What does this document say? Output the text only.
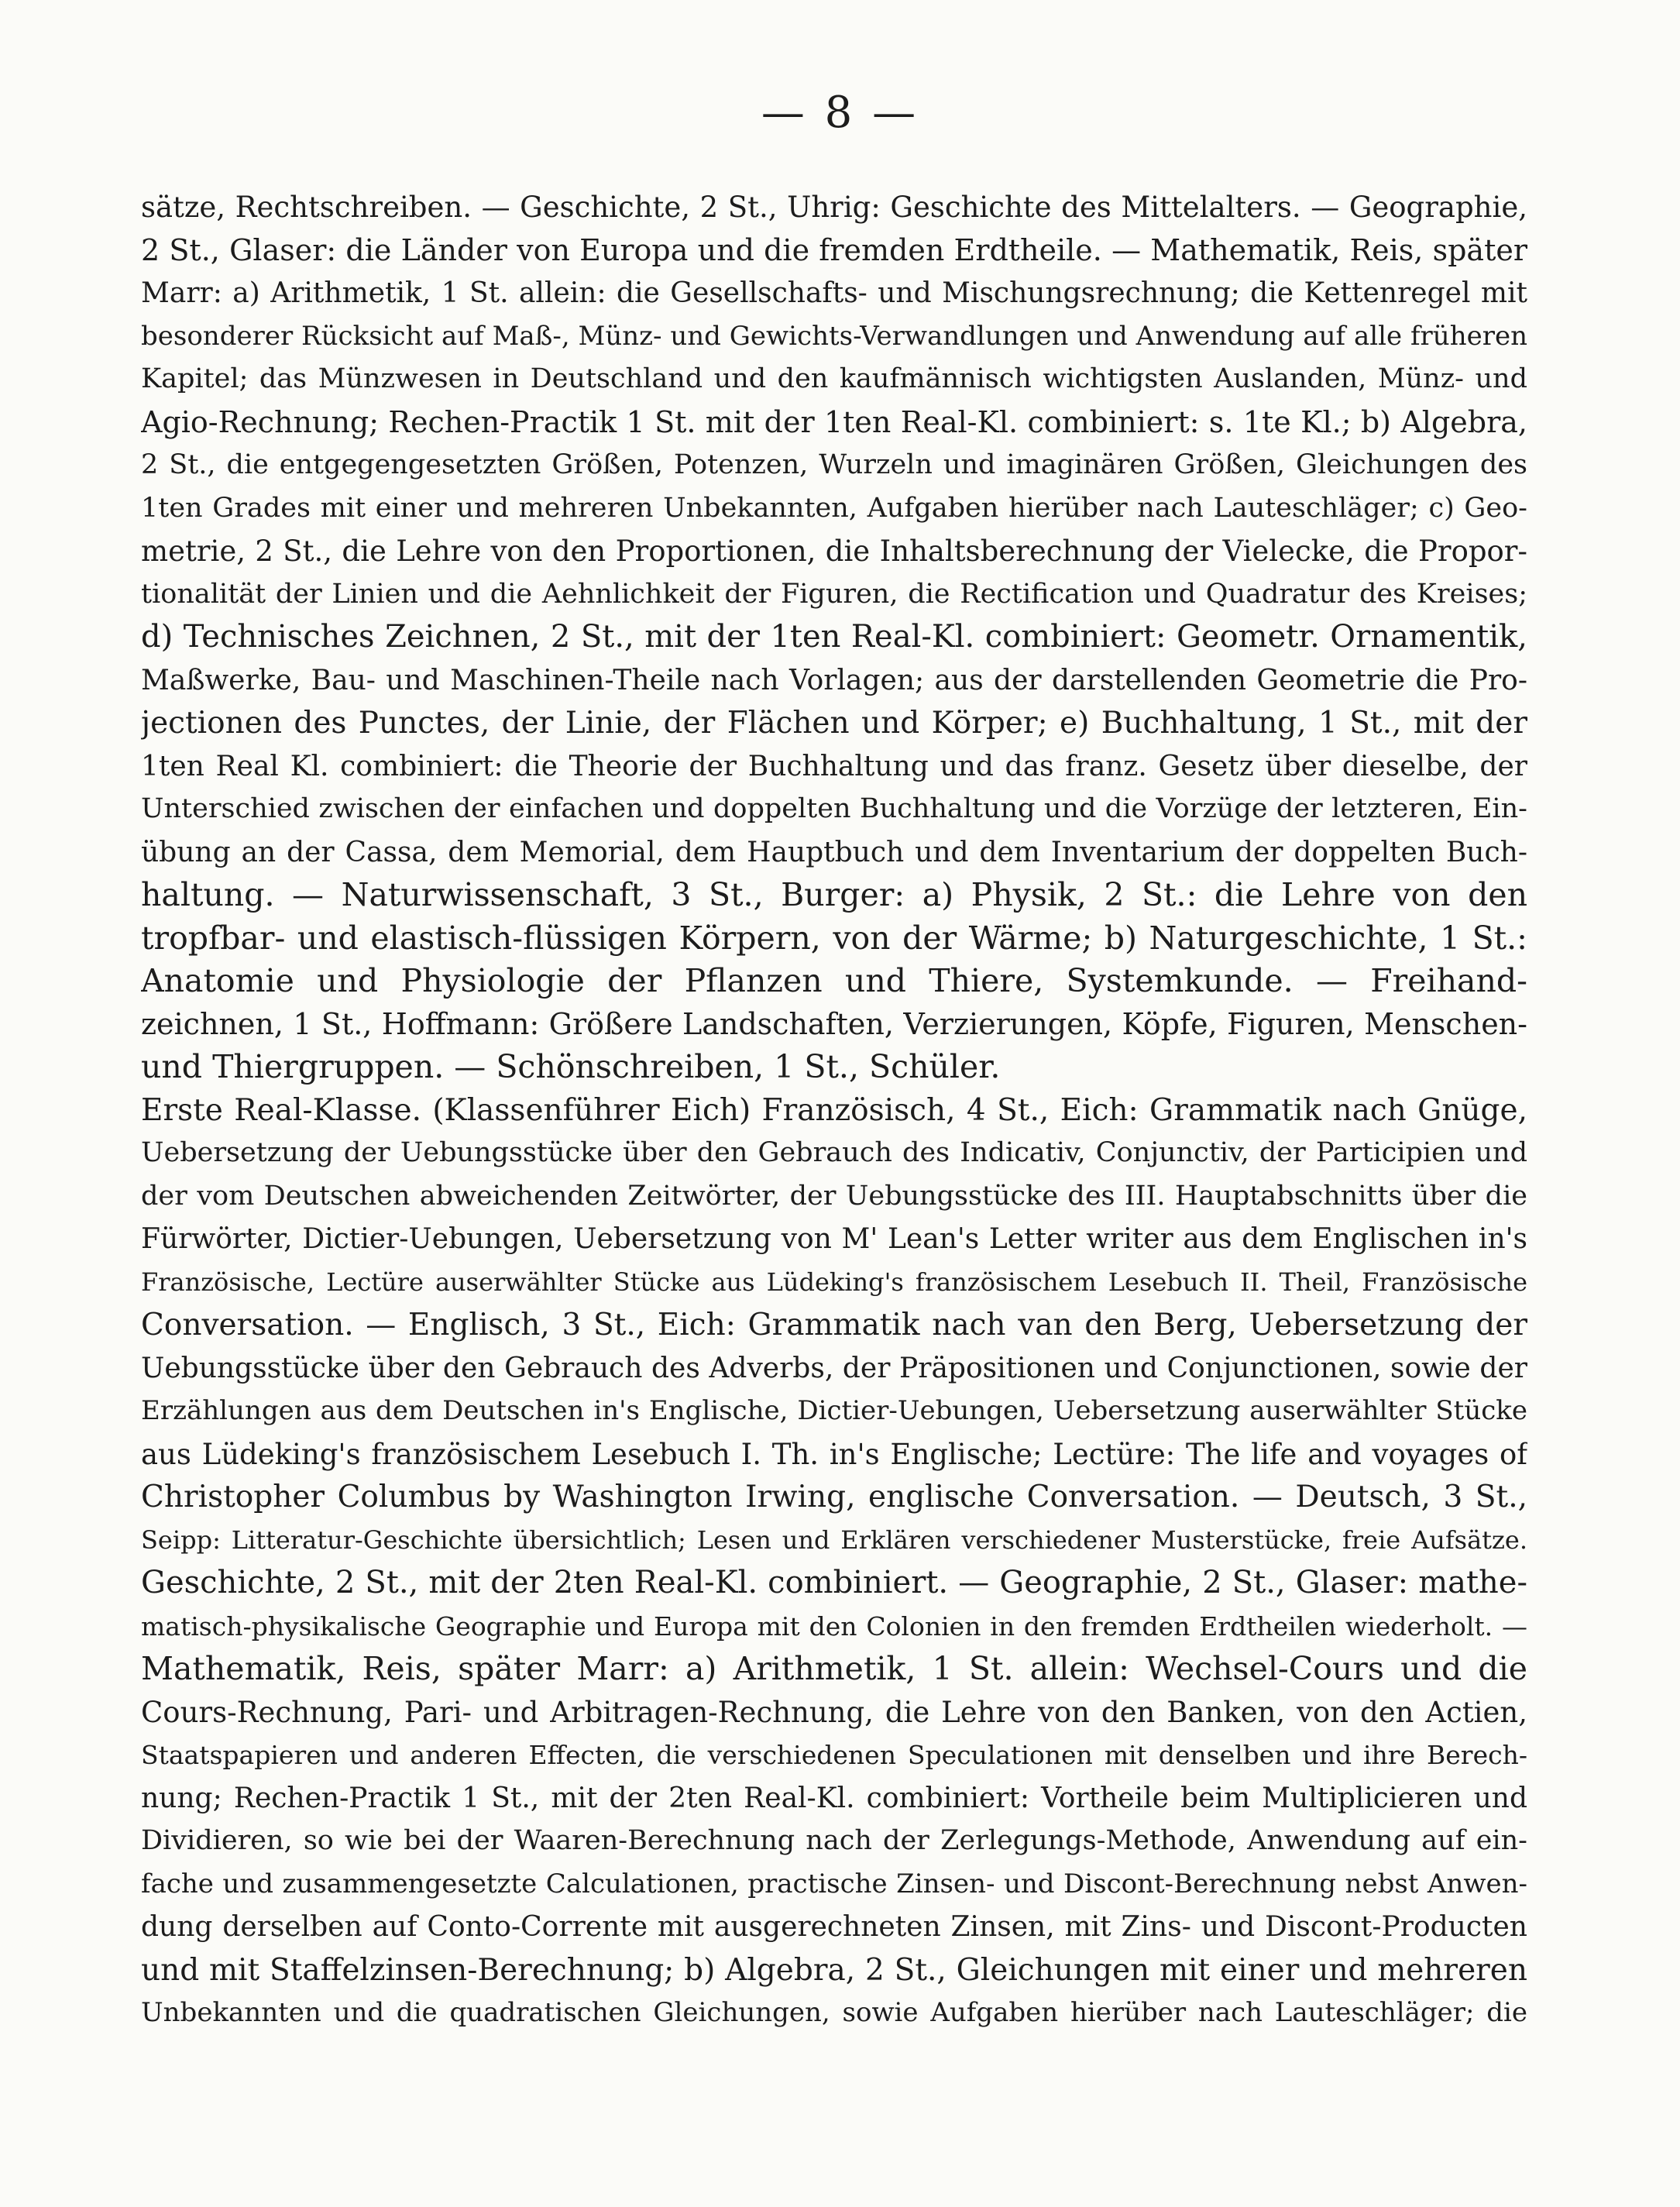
— 8 —
sätze, Rechtschreiben. — Geschichte, 2 St., Uhrig: Geschichte des Mittelalters. — Geographie,
2 St., Glaser: die Länder von Europa und die fremden Erdtheile. — Mathematik, Reis, später
Marr: a) Arithmetik, 1 St. allein: die Gesellschafts- und Mischungsrechnung; die Kettenregel mit
besonderer Rücksicht auf Maß-, Münz- und Gewichts-Verwandlungen und Anwendung auf alle früheren
Kapitel; das Münzwesen in Deutschland und den kaufmännisch wichtigsten Auslanden, Münz- und
Agio-Rechnung; Rechen-Practik 1 St. mit der 1ten Real-Kl. combiniert: s. 1te Kl.; b) Algebra,
2 St., die entgegengesetzten Größen, Potenzen, Wurzeln und imaginären Größen, Gleichungen des
1ten Grades mit einer und mehreren Unbekannten, Aufgaben hierüber nach Lauteschläger; c) Geo-
metrie, 2 St., die Lehre von den Proportionen, die Inhaltsberechnung der Vielecke, die Propor-
tionalität der Linien und die Aehnlichkeit der Figuren, die Rectification und Quadratur des Kreises;
d) Technisches Zeichnen, 2 St., mit der 1ten Real-Kl. combiniert: Geometr. Ornamentik,
Maßwerke, Bau- und Maschinen-Theile nach Vorlagen; aus der darstellenden Geometrie die Pro-
jectionen des Punctes, der Linie, der Flächen und Körper; e) Buchhaltung, 1 St., mit der
1ten Real Kl. combiniert: die Theorie der Buchhaltung und das franz. Gesetz über dieselbe, der
Unterschied zwischen der einfachen und doppelten Buchhaltung und die Vorzüge der letzteren, Ein-
übung an der Cassa, dem Memorial, dem Hauptbuch und dem Inventarium der doppelten Buch-
haltung. — Naturwissenschaft, 3 St., Burger: a) Physik, 2 St.: die Lehre von den
tropfbar- und elastisch-flüssigen Körpern, von der Wärme; b) Naturgeschichte, 1 St.:
Anatomie und Physiologie der Pflanzen und Thiere, Systemkunde. — Freihand-
zeichnen, 1 St., Hoffmann: Größere Landschaften, Verzierungen, Köpfe, Figuren, Menschen-
und Thiergruppen. — Schönschreiben, 1 St., Schüler.
Erste Real-Klasse. (Klassenführer Eich) Französisch, 4 St., Eich: Grammatik nach Gnüge,
Uebersetzung der Uebungsstücke über den Gebrauch des Indicativ, Conjunctiv, der Participien und
der vom Deutschen abweichenden Zeitwörter, der Uebungsstücke des III. Hauptabschnitts über die
Fürwörter, Dictier-Uebungen, Uebersetzung von M' Lean's Letter writer aus dem Englischen in's
Französische, Lectüre auserwählter Stücke aus Lüdeking's französischem Lesebuch II. Theil, Französische
Conversation. — Englisch, 3 St., Eich: Grammatik nach van den Berg, Uebersetzung der
Uebungsstücke über den Gebrauch des Adverbs, der Präpositionen und Conjunctionen, sowie der
Erzählungen aus dem Deutschen in's Englische, Dictier-Uebungen, Uebersetzung auserwählter Stücke
aus Lüdeking's französischem Lesebuch I. Th. in's Englische; Lectüre: The life and voyages of
Christopher Columbus by Washington Irwing, englische Conversation. — Deutsch, 3 St.,
Seipp: Litteratur-Geschichte übersichtlich; Lesen und Erklären verschiedener Musterstücke, freie Aufsätze.
Geschichte, 2 St., mit der 2ten Real-Kl. combiniert. — Geographie, 2 St., Glaser: mathe-
matisch-physikalische Geographie und Europa mit den Colonien in den fremden Erdtheilen wiederholt. —
Mathematik, Reis, später Marr: a) Arithmetik, 1 St. allein: Wechsel-Cours und die
Cours-Rechnung, Pari- und Arbitragen-Rechnung, die Lehre von den Banken, von den Actien,
Staatspapieren und anderen Effecten, die verschiedenen Speculationen mit denselben und ihre Berech-
nung; Rechen-Practik 1 St., mit der 2ten Real-Kl. combiniert: Vortheile beim Multiplicieren und
Dividieren, so wie bei der Waaren-Berechnung nach der Zerlegungs-Methode, Anwendung auf ein-
fache und zusammengesetzte Calculationen, practische Zinsen- und Discont-Berechnung nebst Anwen-
dung derselben auf Conto-Corrente mit ausgerechneten Zinsen, mit Zins- und Discont-Producten
und mit Staffelzinsen-Berechnung; b) Algebra, 2 St., Gleichungen mit einer und mehreren
Unbekannten und die quadratischen Gleichungen, sowie Aufgaben hierüber nach Lauteschläger; die
